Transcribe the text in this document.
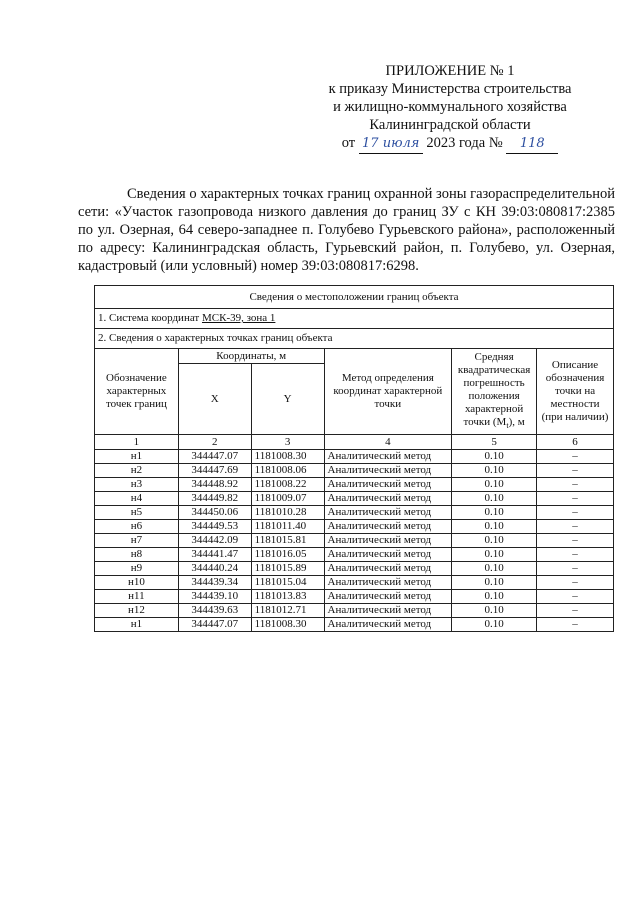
ПРИЛОЖЕНИЕ № 1
к приказу Министерства строительства
и жилищно-коммунального хозяйства
Калининградской области
от 17 июля 2023 года № 118

Сведения о характерных точках границ охранной зоны газораспределительной сети: «Участок газопровода низкого давления до границ ЗУ с КН 39:03:080817:2385 по ул. Озерная, 64 северо-западнее п. Голубево Гурьевского района», расположенный по адресу: Калининградская область, Гурьевский район, п. Голубево, ул. Озерная, кадастровый (или условный) номер 39:03:080817:6298.

Сведения о местоположении границ объекта					
1. Система координат МСК-39, зона 1					
2. Сведения о характерных точках границ объекта					
Обозначение характерных точек границ	Координаты, м		Метод определения координат характерной точки	Средняя квадратическая погрешность положения характерной точки $(M_t)$, м	Описание обозначения точки на местности (при наличии)
	X	Y			
1	2	3	4	5	6
н1	344447.07	1181008.30	Аналитический метод	0.10	–
н2	344447.69	1181008.06	Аналитический метод	0.10	–
н3	344448.92	1181008.22	Аналитический метод	0.10	–
н4	344449.82	1181009.07	Аналитический метод	0.10	–
н5	344450.06	1181010.28	Аналитический метод	0.10	–
н6	344449.53	1181011.40	Аналитический метод	0.10	–
н7	344442.09	1181015.81	Аналитический метод	0.10	–
н8	344441.47	1181016.05	Аналитический метод	0.10	–
н9	344440.24	1181015.89	Аналитический метод	0.10	–
н10	344439.34	1181015.04	Аналитический метод	0.10	–
н11	344439.10	1181013.83	Аналитический метод	0.10	–
н12	344439.63	1181012.71	Аналитический метод	0.10	–
н1	344447.07	1181008.30	Аналитический метод	0.10	–
